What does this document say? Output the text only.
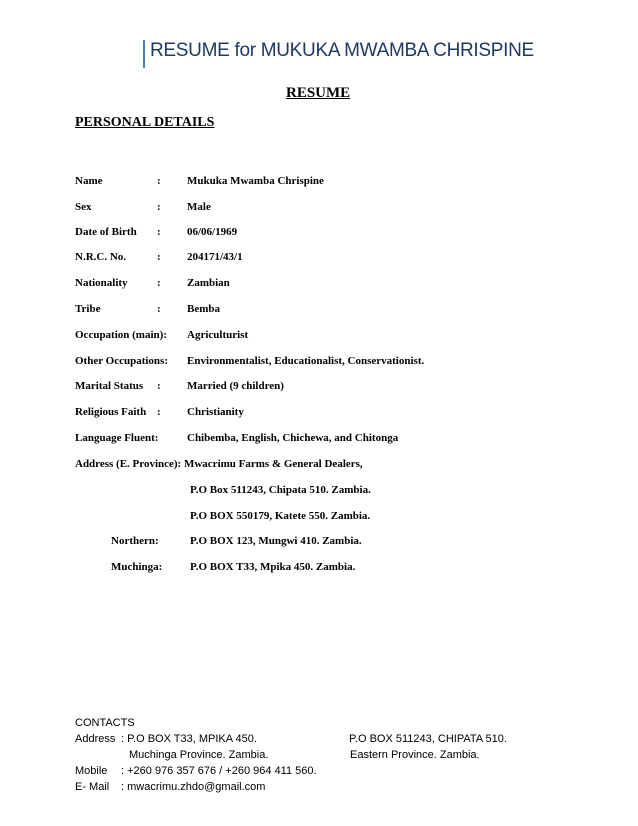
RESUME for MUKUKA MWAMBA CHRISPINE
RESUME
PERSONAL DETAILS
Name	: Mukuka Mwamba Chrispine
Sex	: Male
Date of Birth : 06/06/1969
N.R.C. No.	: 204171/43/1
Nationality	: Zambian
Tribe	: Bemba
Occupation (main): Agriculturist
Other Occupations: Environmentalist, Educationalist, Conservationist.
Marital Status : Married (9 children)
Religious Faith : Christianity
Language Fluent:	Chibemba, English, Chichewa, and Chitonga
Address (E. Province): Mwacrimu Farms & General Dealers,
P.O Box 511243, Chipata 510. Zambia.
P.O BOX 550179, Katete 550. Zambia.
Northern:	P.O BOX 123, Mungwi 410. Zambia.
Muchinga:	P.O BOX T33, Mpika 450. Zambia.
CONTACTS
Address : P.O BOX T33, MPIKA 450.	P.O BOX 511243, CHIPATA 510.
Muchinga Province. Zambia.	Eastern Province. Zambia.
Mobile : +260 976 357 676 / +260 964 411 560.
E- Mail : mwacrimu.zhdo@gmail.com
